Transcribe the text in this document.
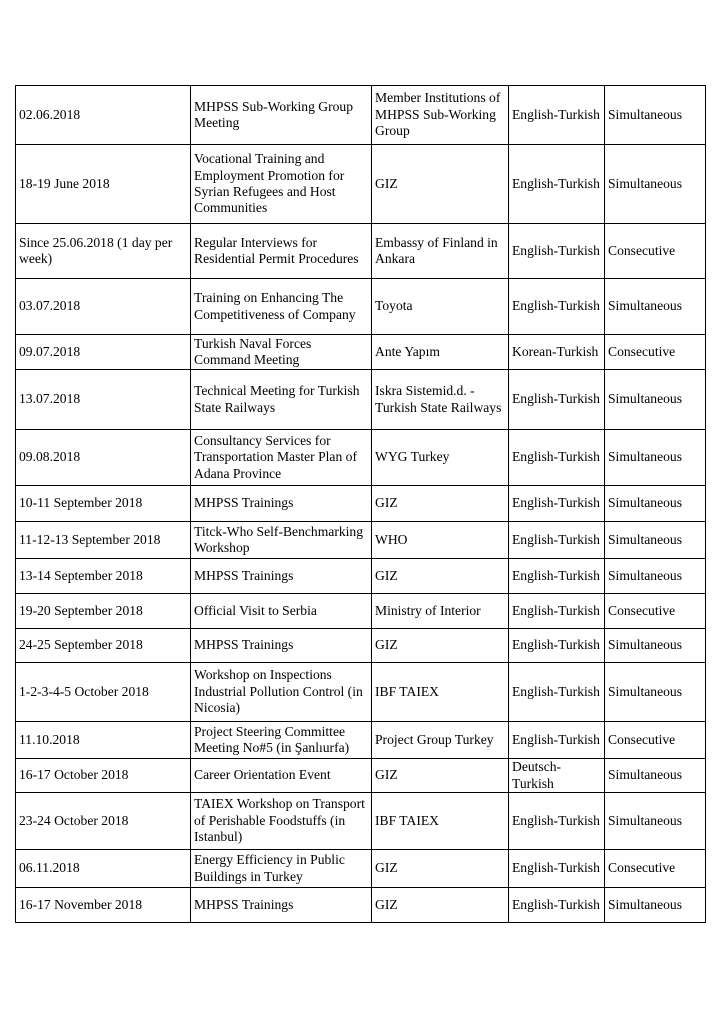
02.06.2018	MHPSS Sub-Working Group Meeting	Member Institutions of MHPSS Sub-Working Group	English-Turkish	Simultaneous
18-19 June 2018	Vocational Training and Employment Promotion for Syrian Refugees and Host Communities	GIZ	English-Turkish	Simultaneous
Since 25.06.2018 (1 day per week)	Regular Interviews for Residential Permit Procedures	Embassy of Finland in Ankara	English-Turkish	Consecutive
03.07.2018	Training on Enhancing The Competitiveness of Company	Toyota	English-Turkish	Simultaneous
09.07.2018	Turkish Naval Forces Command Meeting	Ante Yapım	Korean-Turkish	Consecutive
13.07.2018	Technical Meeting for Turkish State Railways	Iskra Sistemid.d. - Turkish State Railways	English-Turkish	Simultaneous
09.08.2018	Consultancy Services for Transportation Master Plan of Adana Province	WYG Turkey	English-Turkish	Simultaneous
10-11 September 2018	MHPSS Trainings	GIZ	English-Turkish	Simultaneous
11-12-13 September 2018	Titck-Who Self-Benchmarking Workshop	WHO	English-Turkish	Simultaneous
13-14 September 2018	MHPSS Trainings	GIZ	English-Turkish	Simultaneous
19-20 September 2018	Official Visit to Serbia	Ministry of Interior	English-Turkish	Consecutive
24-25 September 2018	MHPSS Trainings	GIZ	English-Turkish	Simultaneous
1-2-3-4-5 October 2018	Workshop on Inspections Industrial Pollution Control (in Nicosia)	IBF TAIEX	English-Turkish	Simultaneous
11.10.2018	Project Steering Committee Meeting No#5 (in Şanlıurfa)	Project Group Turkey	English-Turkish	Consecutive
16-17 October 2018	Career Orientation Event	GIZ	Deutsch-Turkish	Simultaneous
23-24 October 2018	TAIEX Workshop on Transport of Perishable Foodstuffs (in Istanbul)	IBF TAIEX	English-Turkish	Simultaneous
06.11.2018	Energy Efficiency in Public Buildings in Turkey	GIZ	English-Turkish	Consecutive
16-17 November 2018	MHPSS Trainings	GIZ	English-Turkish	Simultaneous
